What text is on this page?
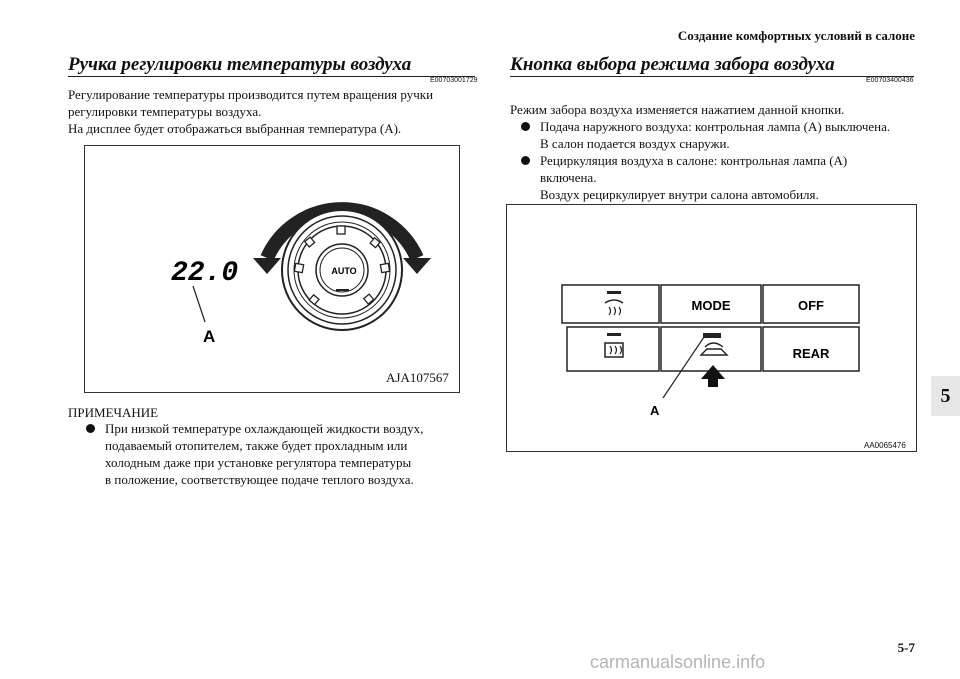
Создание комфортных условий в салоне
Ручка регулировки температуры воздуха
E00703001729
Регулирование температуры производится путем вращения ручки
регулировки температуры воздуха.
На дисплее будет отображаться выбранная температура (А).
AUTO
22.0
A
AJA107567
ПРИМЕЧАНИЕ
При низкой температуре охлаждающей жидкости воздух,
подаваемый отопителем, также будет прохладным или
холодным даже при установке регулятора температуры
в положение, соответствующее подаче теплого воздуха.
Кнопка выбора режима забора воздуха
E00703400436
Режим забора воздуха изменяется нажатием данной кнопки.
Подача наружного воздуха: контрольная лампа (A) выключена.
В салон подается воздух снаружи.
Рециркуляция воздуха в салоне: контрольная лампа (A)
включена.
Воздух рециркулирует внутри салона автомобиля.
MODE	OFF
REAR
A
AA0065476
5
5-7
carmanualsonline.info
